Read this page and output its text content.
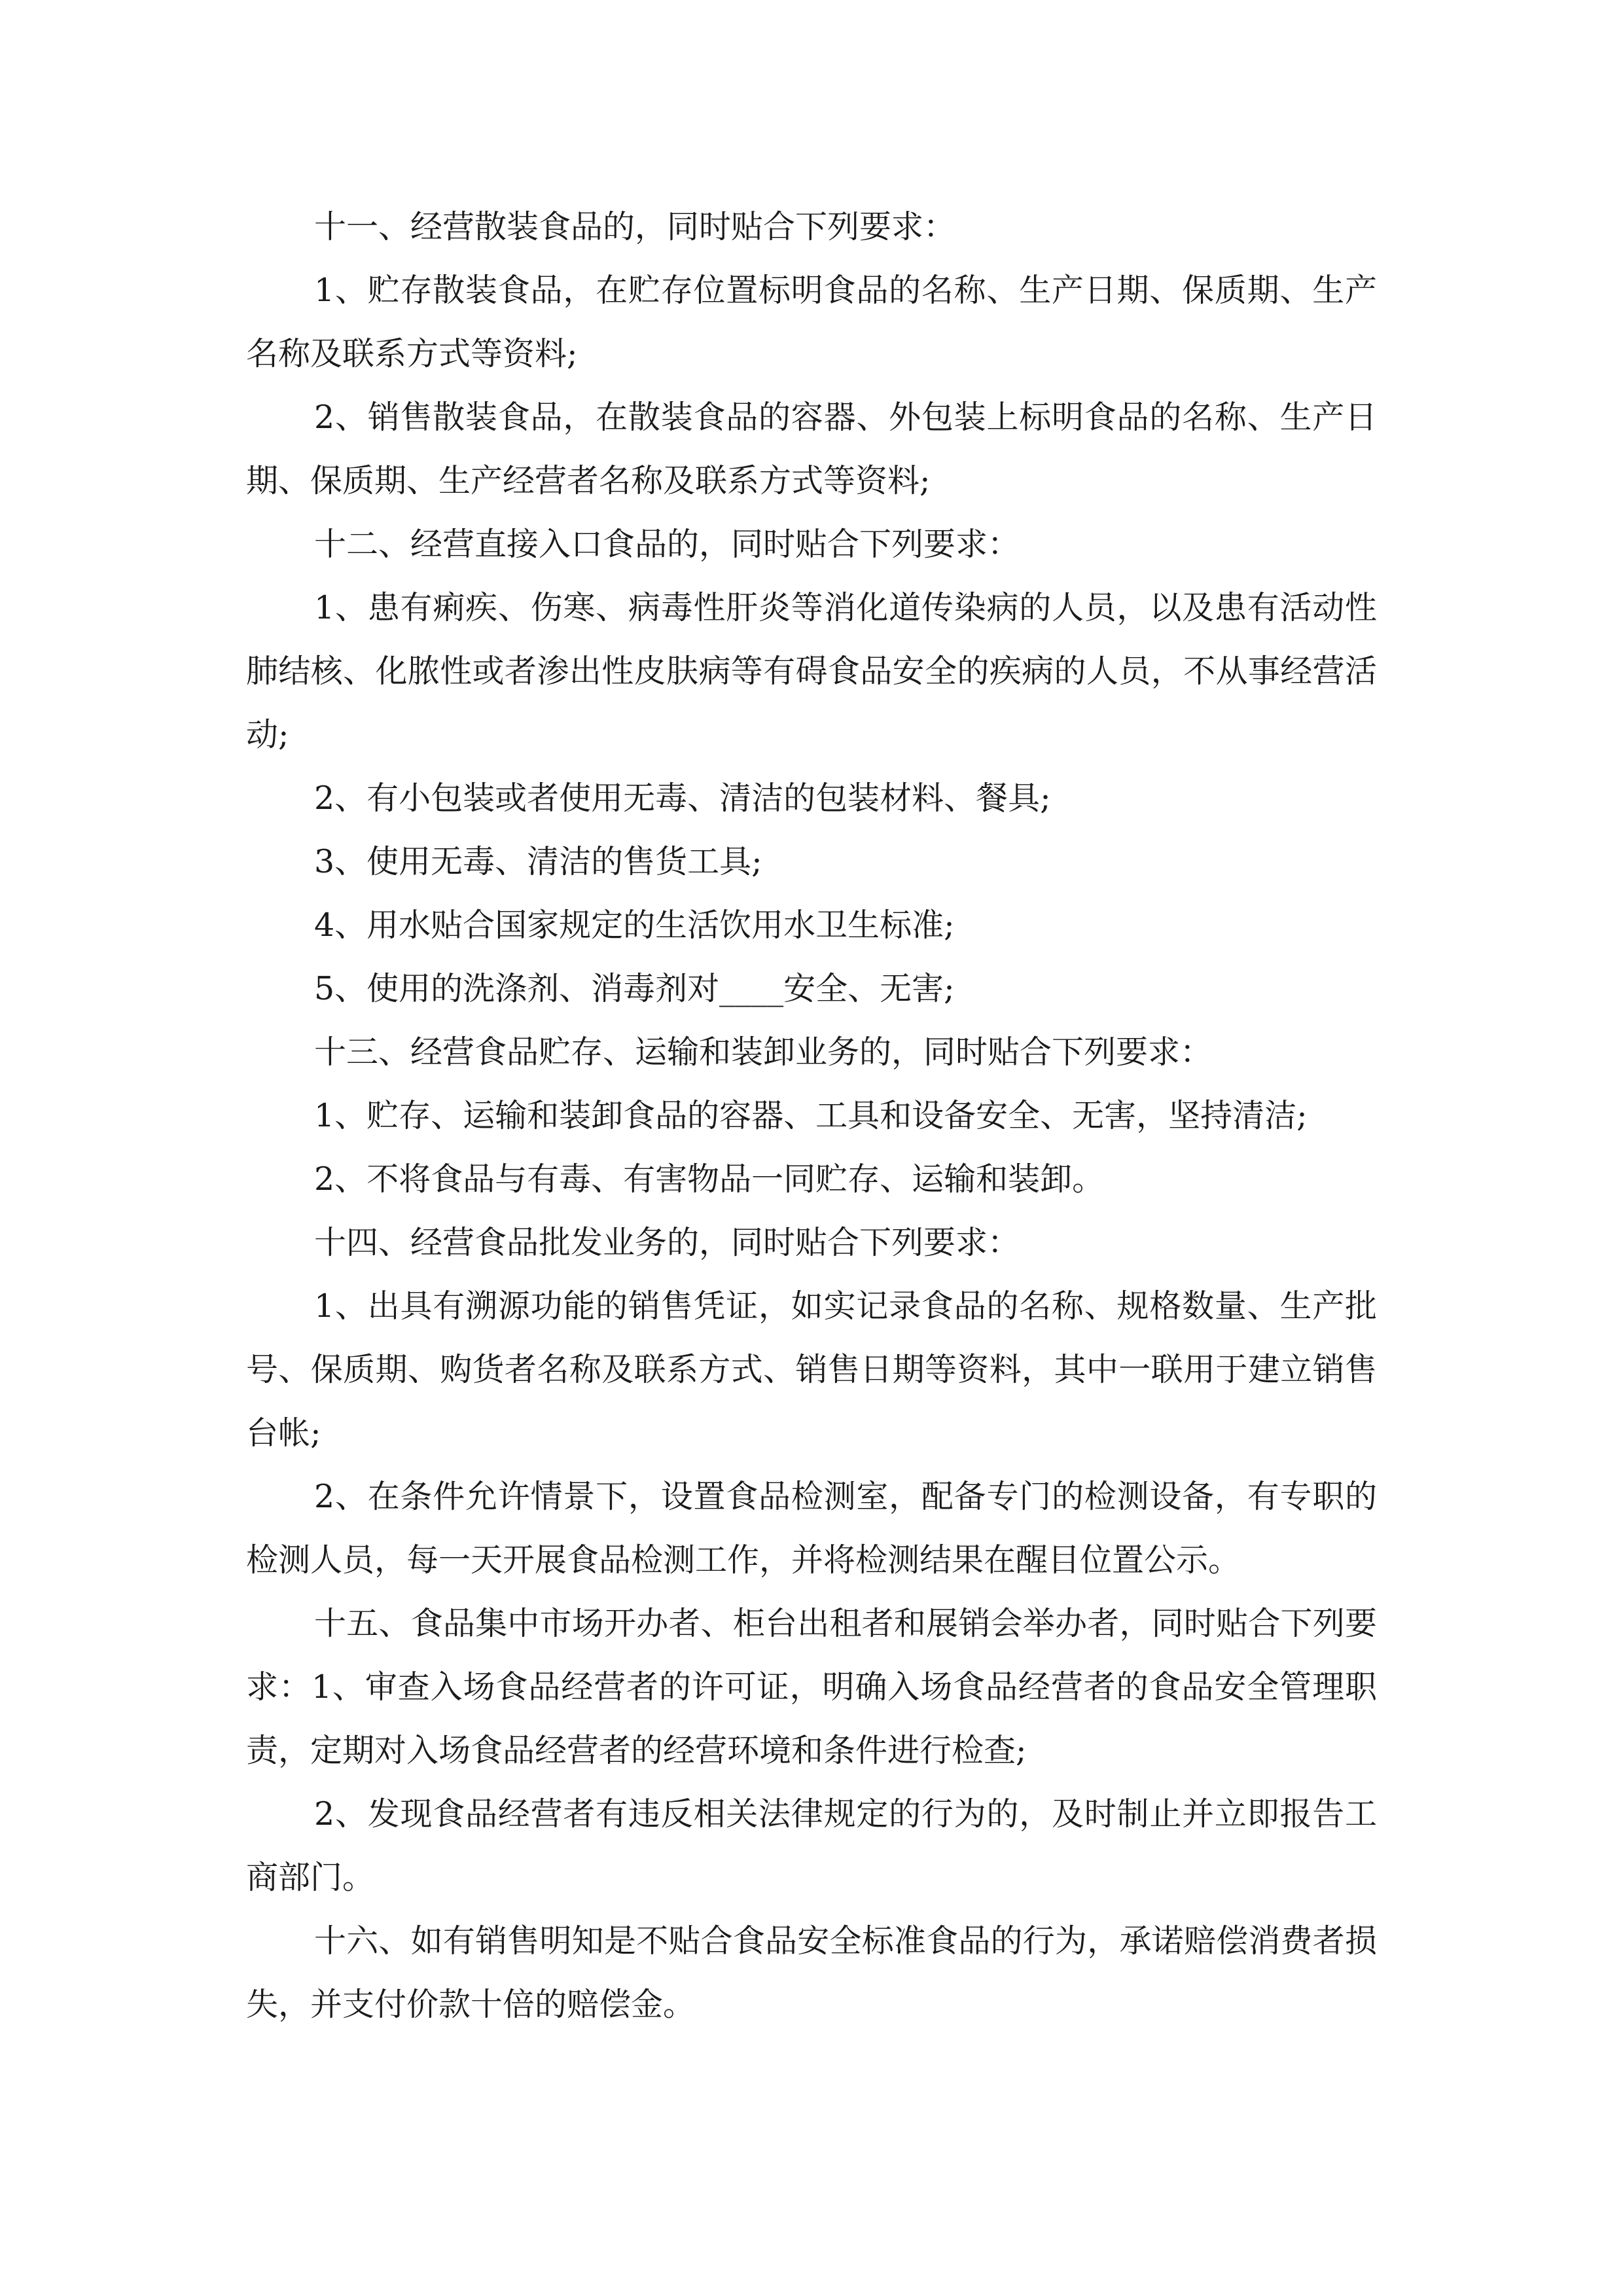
十一、经营散装食品的，同时贴合下列要求：

1、贮存散装食品，在贮存位置标明食品的名称、生产日期、保质期、生产名称及联系方式等资料;

2、销售散装食品，在散装食品的容器、外包装上标明食品的名称、生产日期、保质期、生产经营者名称及联系方式等资料;

十二、经营直接入口食品的，同时贴合下列要求：

1、患有痢疾、伤寒、病毒性肝炎等消化道传染病的人员，以及患有活动性肺结核、化脓性或者渗出性皮肤病等有碍食品安全的疾病的人员，不从事经营活动;

2、有小包装或者使用无毒、清洁的包装材料、餐具;

3、使用无毒、清洁的售货工具;

4、用水贴合国家规定的生活饮用水卫生标准;

5、使用的洗涤剂、消毒剂对____安全、无害;

十三、经营食品贮存、运输和装卸业务的，同时贴合下列要求：

1、贮存、运输和装卸食品的容器、工具和设备安全、无害，坚持清洁;

2、不将食品与有毒、有害物品一同贮存、运输和装卸。

十四、经营食品批发业务的，同时贴合下列要求：

1、出具有溯源功能的销售凭证，如实记录食品的名称、规格数量、生产批号、保质期、购货者名称及联系方式、销售日期等资料，其中一联用于建立销售台帐;

2、在条件允许情景下，设置食品检测室，配备专门的检测设备，有专职的检测人员，每一天开展食品检测工作，并将检测结果在醒目位置公示。

十五、食品集中市场开办者、柜台出租者和展销会举办者，同时贴合下列要求：1、审查入场食品经营者的许可证，明确入场食品经营者的食品安全管理职责，定期对入场食品经营者的经营环境和条件进行检查;

2、发现食品经营者有违反相关法律规定的行为的，及时制止并立即报告工商部门。

十六、如有销售明知是不贴合食品安全标准食品的行为，承诺赔偿消费者损失，并支付价款十倍的赔偿金。
